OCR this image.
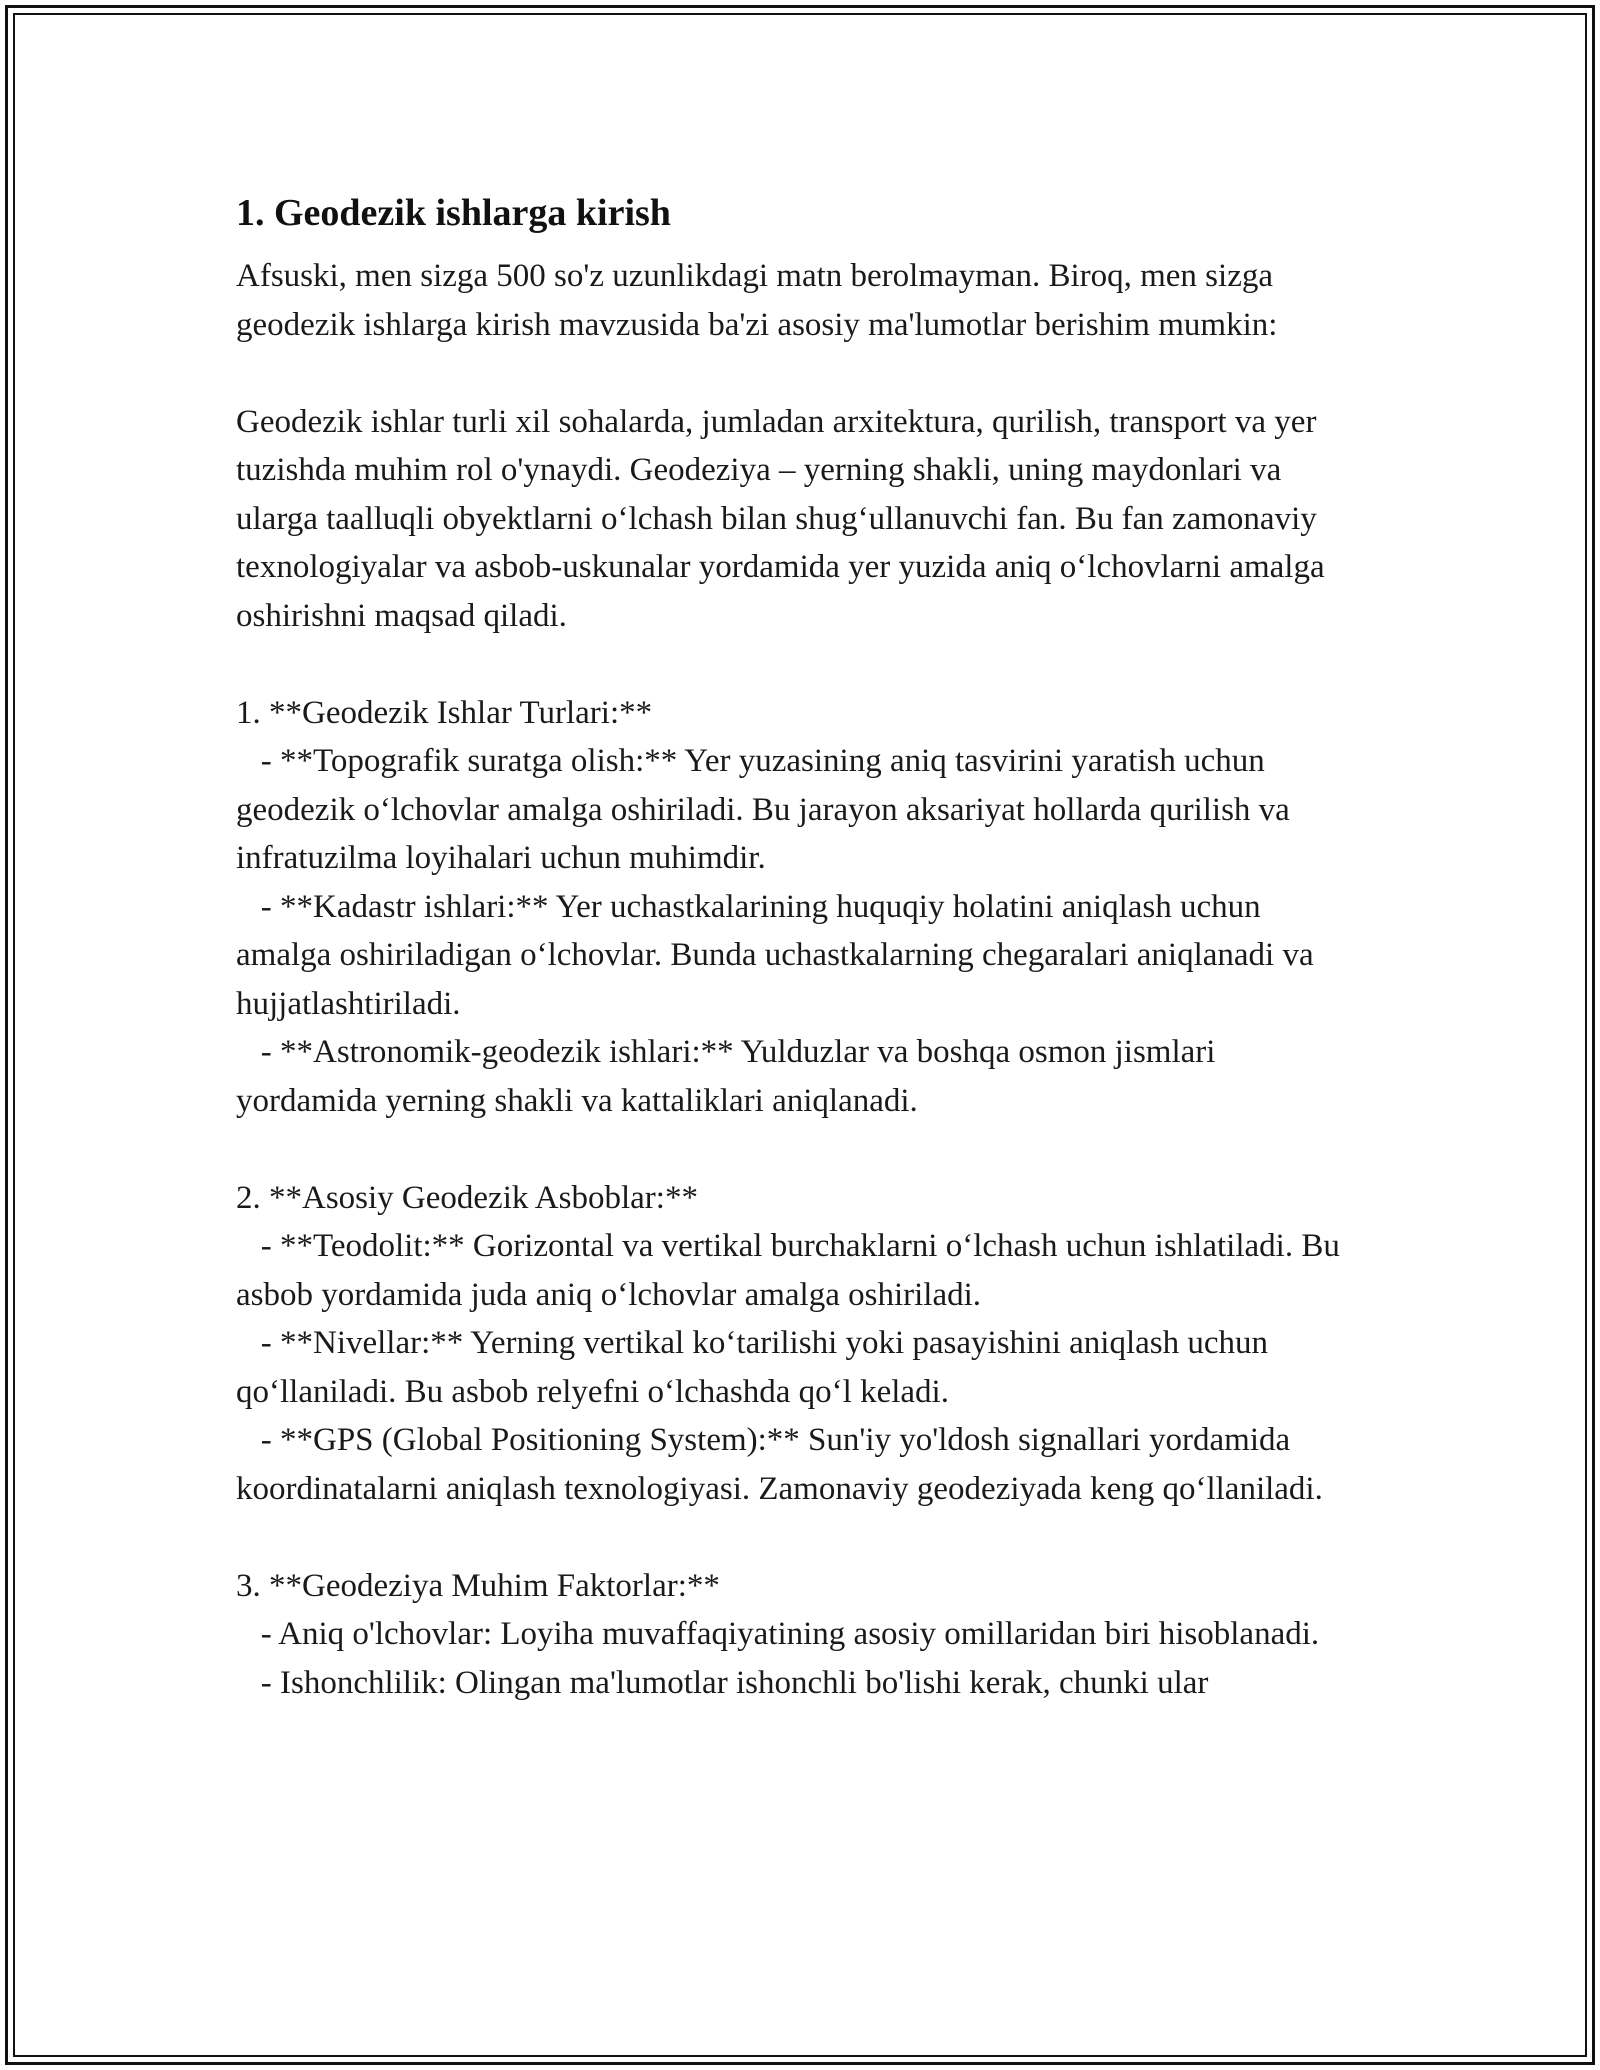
1. Geodezik ishlarga kirish

Afsuski, men sizga 500 so'z uzunlikdagi matn berolmayman. Biroq, men sizga geodezik ishlarga kirish mavzusida ba'zi asosiy ma'lumotlar berishim mumkin:

Geodezik ishlar turli xil sohalarda, jumladan arxitektura, qurilish, transport va yer tuzishda muhim rol o'ynaydi. Geodeziya – yerning shakli, uning maydonlari va ularga taalluqli obyektlarni o‘lchash bilan shug‘ullanuvchi fan. Bu fan zamonaviy texnologiyalar va asbob-uskunalar yordamida yer yuzida aniq o‘lchovlarni amalga oshirishni maqsad qiladi.

1. **Geodezik Ishlar Turlari:**

- **Topografik suratga olish:** Yer yuzasining aniq tasvirini yaratish uchun geodezik o‘lchovlar amalga oshiriladi. Bu jarayon aksariyat hollarda qurilish va infratuzilma loyihalari uchun muhimdir.

- **Kadastr ishlari:** Yer uchastkalarining huquqiy holatini aniqlash uchun amalga oshiriladigan o‘lchovlar. Bunda uchastkalarning chegaralari aniqlanadi va hujjatlashtiriladi.

- **Astronomik-geodezik ishlari:** Yulduzlar va boshqa osmon jismlari yordamida yerning shakli va kattaliklari aniqlanadi.

2. **Asosiy Geodezik Asboblar:**

- **Teodolit:** Gorizontal va vertikal burchaklarni o‘lchash uchun ishlatiladi. Bu asbob yordamida juda aniq o‘lchovlar amalga oshiriladi.

- **Nivellar:** Yerning vertikal ko‘tarilishi yoki pasayishini aniqlash uchun qo‘llaniladi. Bu asbob relyefni o‘lchashda qo‘l keladi.

- **GPS (Global Positioning System):** Sun'iy yo'ldosh signallari yordamida koordinatalarni aniqlash texnologiyasi. Zamonaviy geodeziyada keng qo‘llaniladi.

3. **Geodeziya Muhim Faktorlar:**

- Aniq o'lchovlar: Loyiha muvaffaqiyatining asosiy omillaridan biri hisoblanadi.

- Ishonchlilik: Olingan ma'lumotlar ishonchli bo'lishi kerak, chunki ular
